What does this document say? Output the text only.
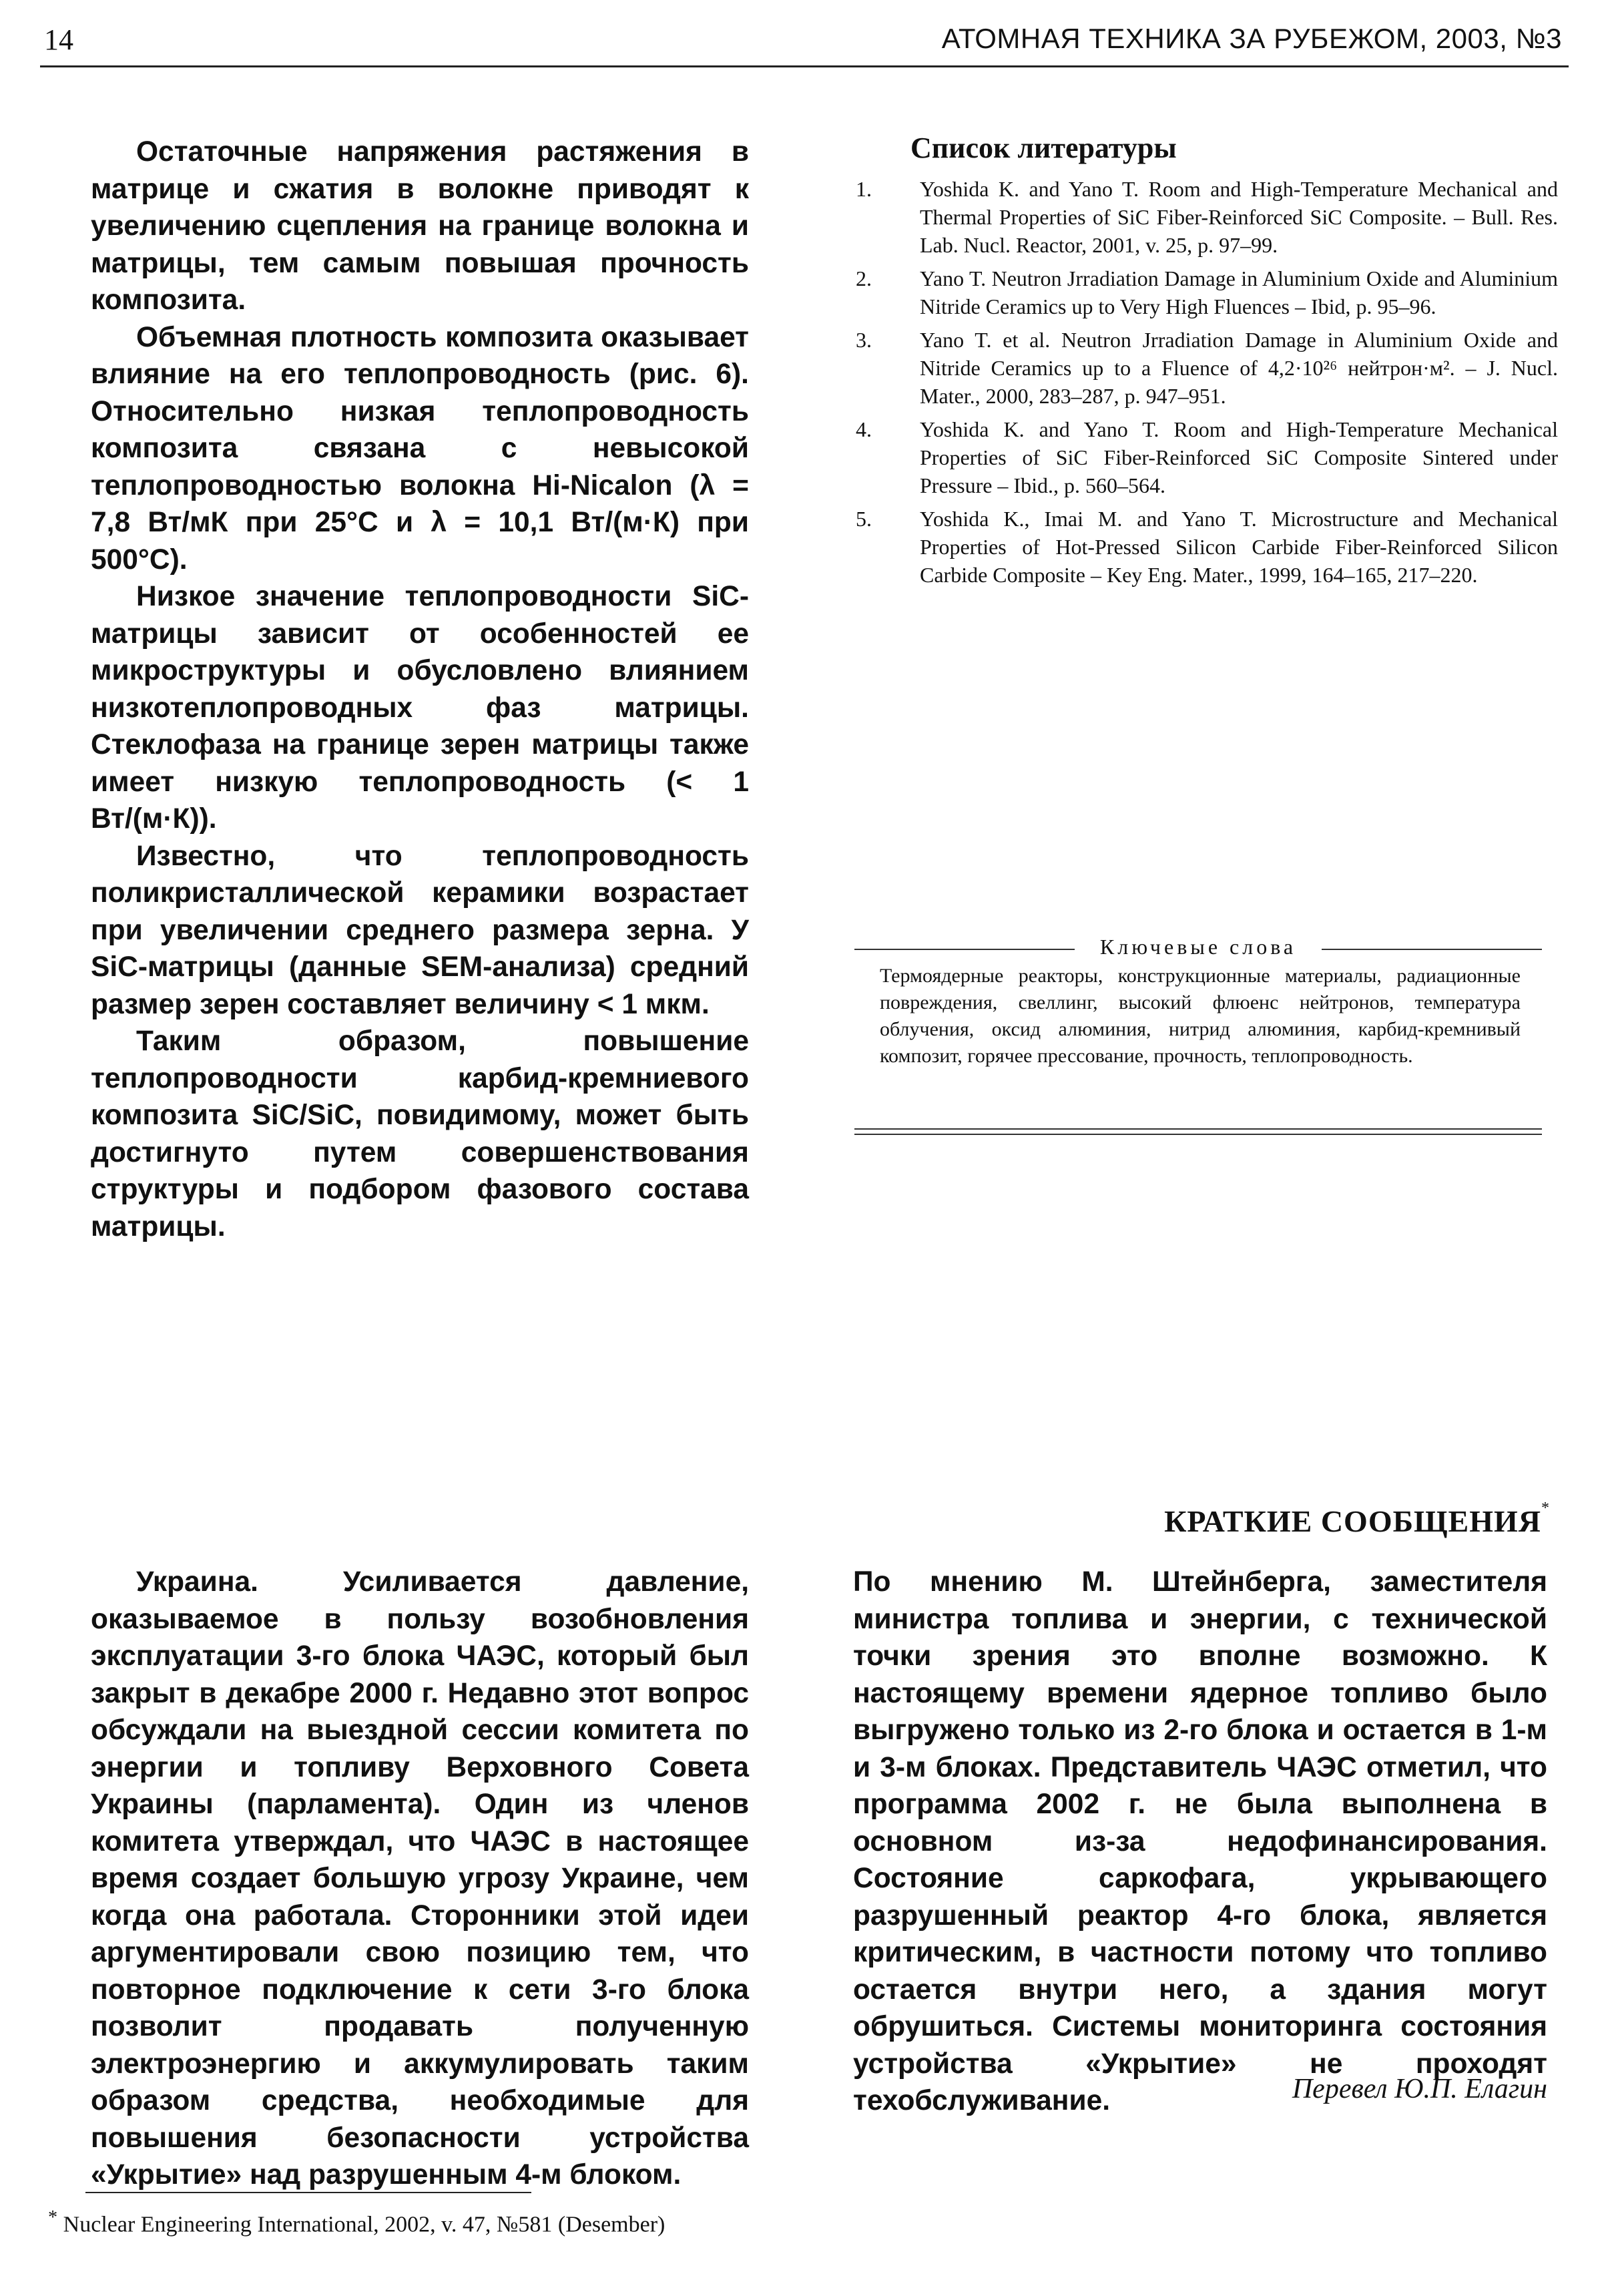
14	АТОМНАЯ ТЕХНИКА ЗА РУБЕЖОМ, 2003, №3

Остаточные напряжения растяжения в матрице и сжатия в волокне приводят к увеличению сцепления на границе волокна и матрицы, тем самым повышая прочность композита.

Объемная плотность композита оказывает влияние на его теплопроводность (рис. 6). Относительно низкая теплопроводность композита связана с невысокой теплопроводностью волокна Hi-Nicalon (λ = 7,8 Вт/мК при 25°С и λ = 10,1 Вт/(м·К) при 500°С).

Низкое значение теплопроводности SiC-матрицы зависит от особенностей ее микроструктуры и обусловлено влиянием низкотеплопроводных фаз матрицы. Стеклофаза на границе зерен матрицы также имеет низкую теплопроводность (< 1 Вт/(м·К)).

Известно, что теплопроводность поликристаллической керамики возрастает при увеличении среднего размера зерна. У SiC-матрицы (данные SEM-анализа) средний размер зерен составляет величину < 1 мкм.

Таким образом, повышение теплопроводности карбид-кремниевого композита SiC/SiC, повидимому, может быть достигнуто путем совершенствования структуры и подбором фазового состава матрицы.

Список литературы
1. Yoshida K. and Yano T. Room and High-Temperature Mechanical and Thermal Properties of SiC Fiber-Reinforced SiC Composite. – Bull. Res. Lab. Nucl. Reactor, 2001, v. 25, p. 97–99.
2. Yano T. Neutron Jrradiation Damage in Aluminium Oxide and Aluminium Nitride Ceramics up to Very High Fluences – Ibid, p. 95–96.
3. Yano T. et al. Neutron Jrradiation Damage in Aluminium Oxide and Nitride Ceramics up to a Fluence of 4,2·10²⁶ нейтрон·м². – J. Nucl. Mater., 2000, 283–287, p. 947–951.
4. Yoshida K. and Yano T. Room and High-Temperature Mechanical Properties of SiC Fiber-Reinforced SiC Composite Sintered under Pressure – Ibid., p. 560–564.
5. Yoshida K., Imai M. and Yano T. Microstructure and Mechanical Properties of Hot-Pressed Silicon Carbide Fiber-Reinforced Silicon Carbide Composite – Key Eng. Mater., 1999, 164–165, 217–220.
Ключевые слова
Термоядерные реакторы, конструкционные материалы, радиационные повреждения, свеллинг, высокий флюенс нейтронов, температура облучения, оксид алюминия, нитрид алюминия, карбид-кремнивый композит, горячее прессование, прочность, теплопроводность.
КРАТКИЕ СООБЩЕНИЯ*
Украина.	Усиливается давление, оказываемое в пользу возобновления эксплуатации 3-го блока ЧАЭС, который был закрыт в декабре 2000 г. Недавно этот вопрос обсуждали на выездной сессии комитета по энергии и топливу Верховного Совета Украины (парламента). Один из членов комитета утверждал, что ЧАЭС в настоящее время создает большую угрозу Украине, чем когда она работала. Сторонники этой идеи аргументировали свою позицию тем, что повторное подключение к сети 3-го блока позволит продавать полученную электроэнергию и аккумулировать таким образом средства, необходимые для повышения безопасности устройства «Укрытие» над разрушенным 4-м блоком.
По мнению М. Штейнберга, заместителя министра топлива и энергии, с технической точки зрения это вполне возможно. К настоящему времени ядерное топливо было выгружено только из 2-го блока и остается в 1-м и 3-м блоках. Представитель ЧАЭС отметил, что программа 2002 г. не была выполнена в основном из-за недофинансирования. Состояние саркофага, укрывающего разрушенный реактор 4-го блока, является критическим, в частности потому что топливо остается внутри него, а здания могут обрушиться. Системы мониторинга состояния устройства «Укрытие» не проходят техобслуживание.	Перевел Ю.П. Елагин
* Nuclear Engineering International, 2002, v. 47, №581 (Desember)
